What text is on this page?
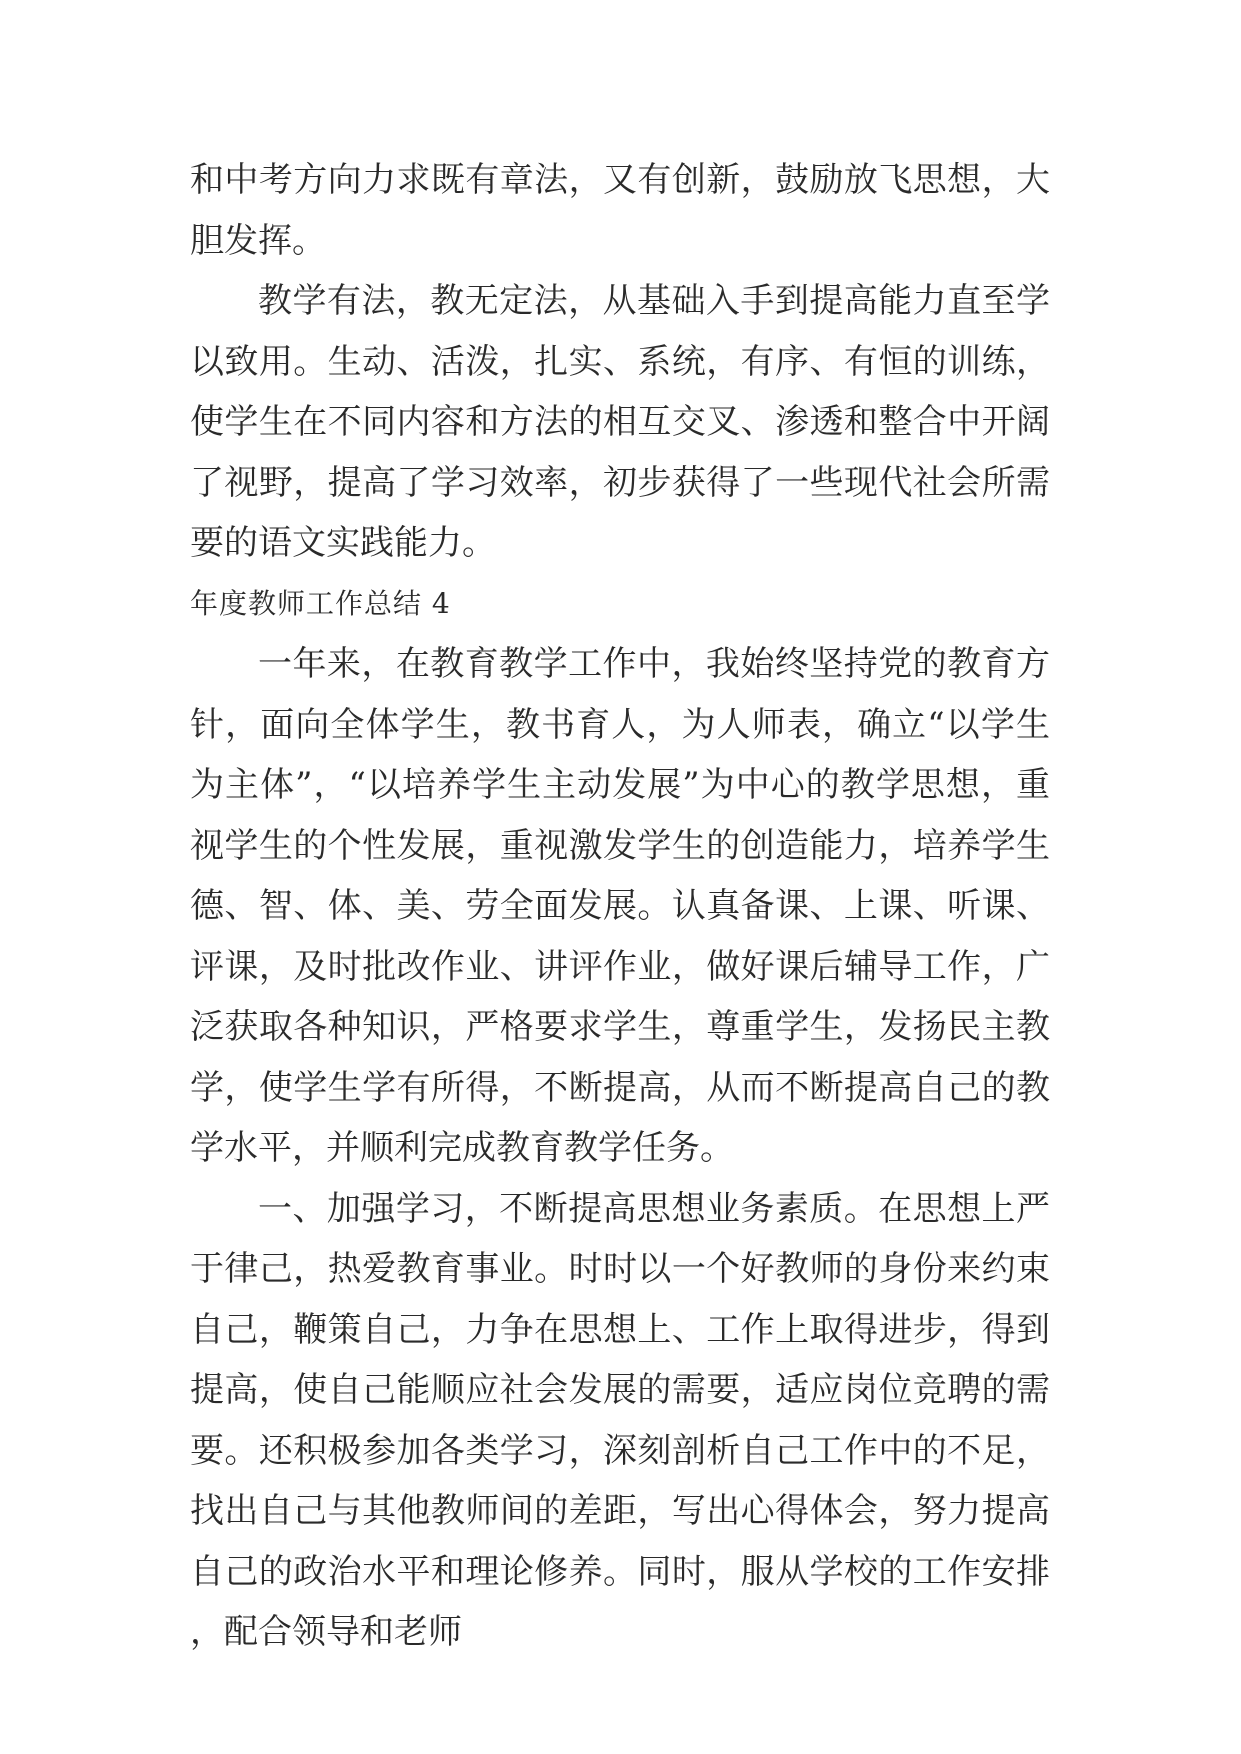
和中考方向力求既有章法，又有创新，鼓励放飞思想，大胆发挥。

教学有法，教无定法，从基础入手到提高能力直至学以致用。生动、活泼，扎实、系统，有序、有恒的训练，使学生在不同内容和方法的相互交叉、渗透和整合中开阔了视野，提高了学习效率，初步获得了一些现代社会所需要的语文实践能力。

年度教师工作总结 4

一年来，在教育教学工作中，我始终坚持党的教育方针，面向全体学生，教书育人，为人师表，确立“以学生为主体”，“以培养学生主动发展”为中心的教学思想，重视学生的个性发展，重视激发学生的创造能力，培养学生德、智、体、美、劳全面发展。认真备课、上课、听课、评课，及时批改作业、讲评作业，做好课后辅导工作，广泛获取各种知识，严格要求学生，尊重学生，发扬民主教学，使学生学有所得，不断提高，从而不断提高自己的教学水平，并顺利完成教育教学任务。

一、加强学习，不断提高思想业务素质。在思想上严于律己，热爱教育事业。时时以一个好教师的身份来约束自己，鞭策自己，力争在思想上、工作上取得进步，得到提高，使自己能顺应社会发展的需要，适应岗位竞聘的需要。还积极参加各类学习，深刻剖析自己工作中的不足，找出自己与其他教师间的差距，写出心得体会，努力提高自己的政治水平和理论修养。同时，服从学校的工作安排，配合领导和老师
